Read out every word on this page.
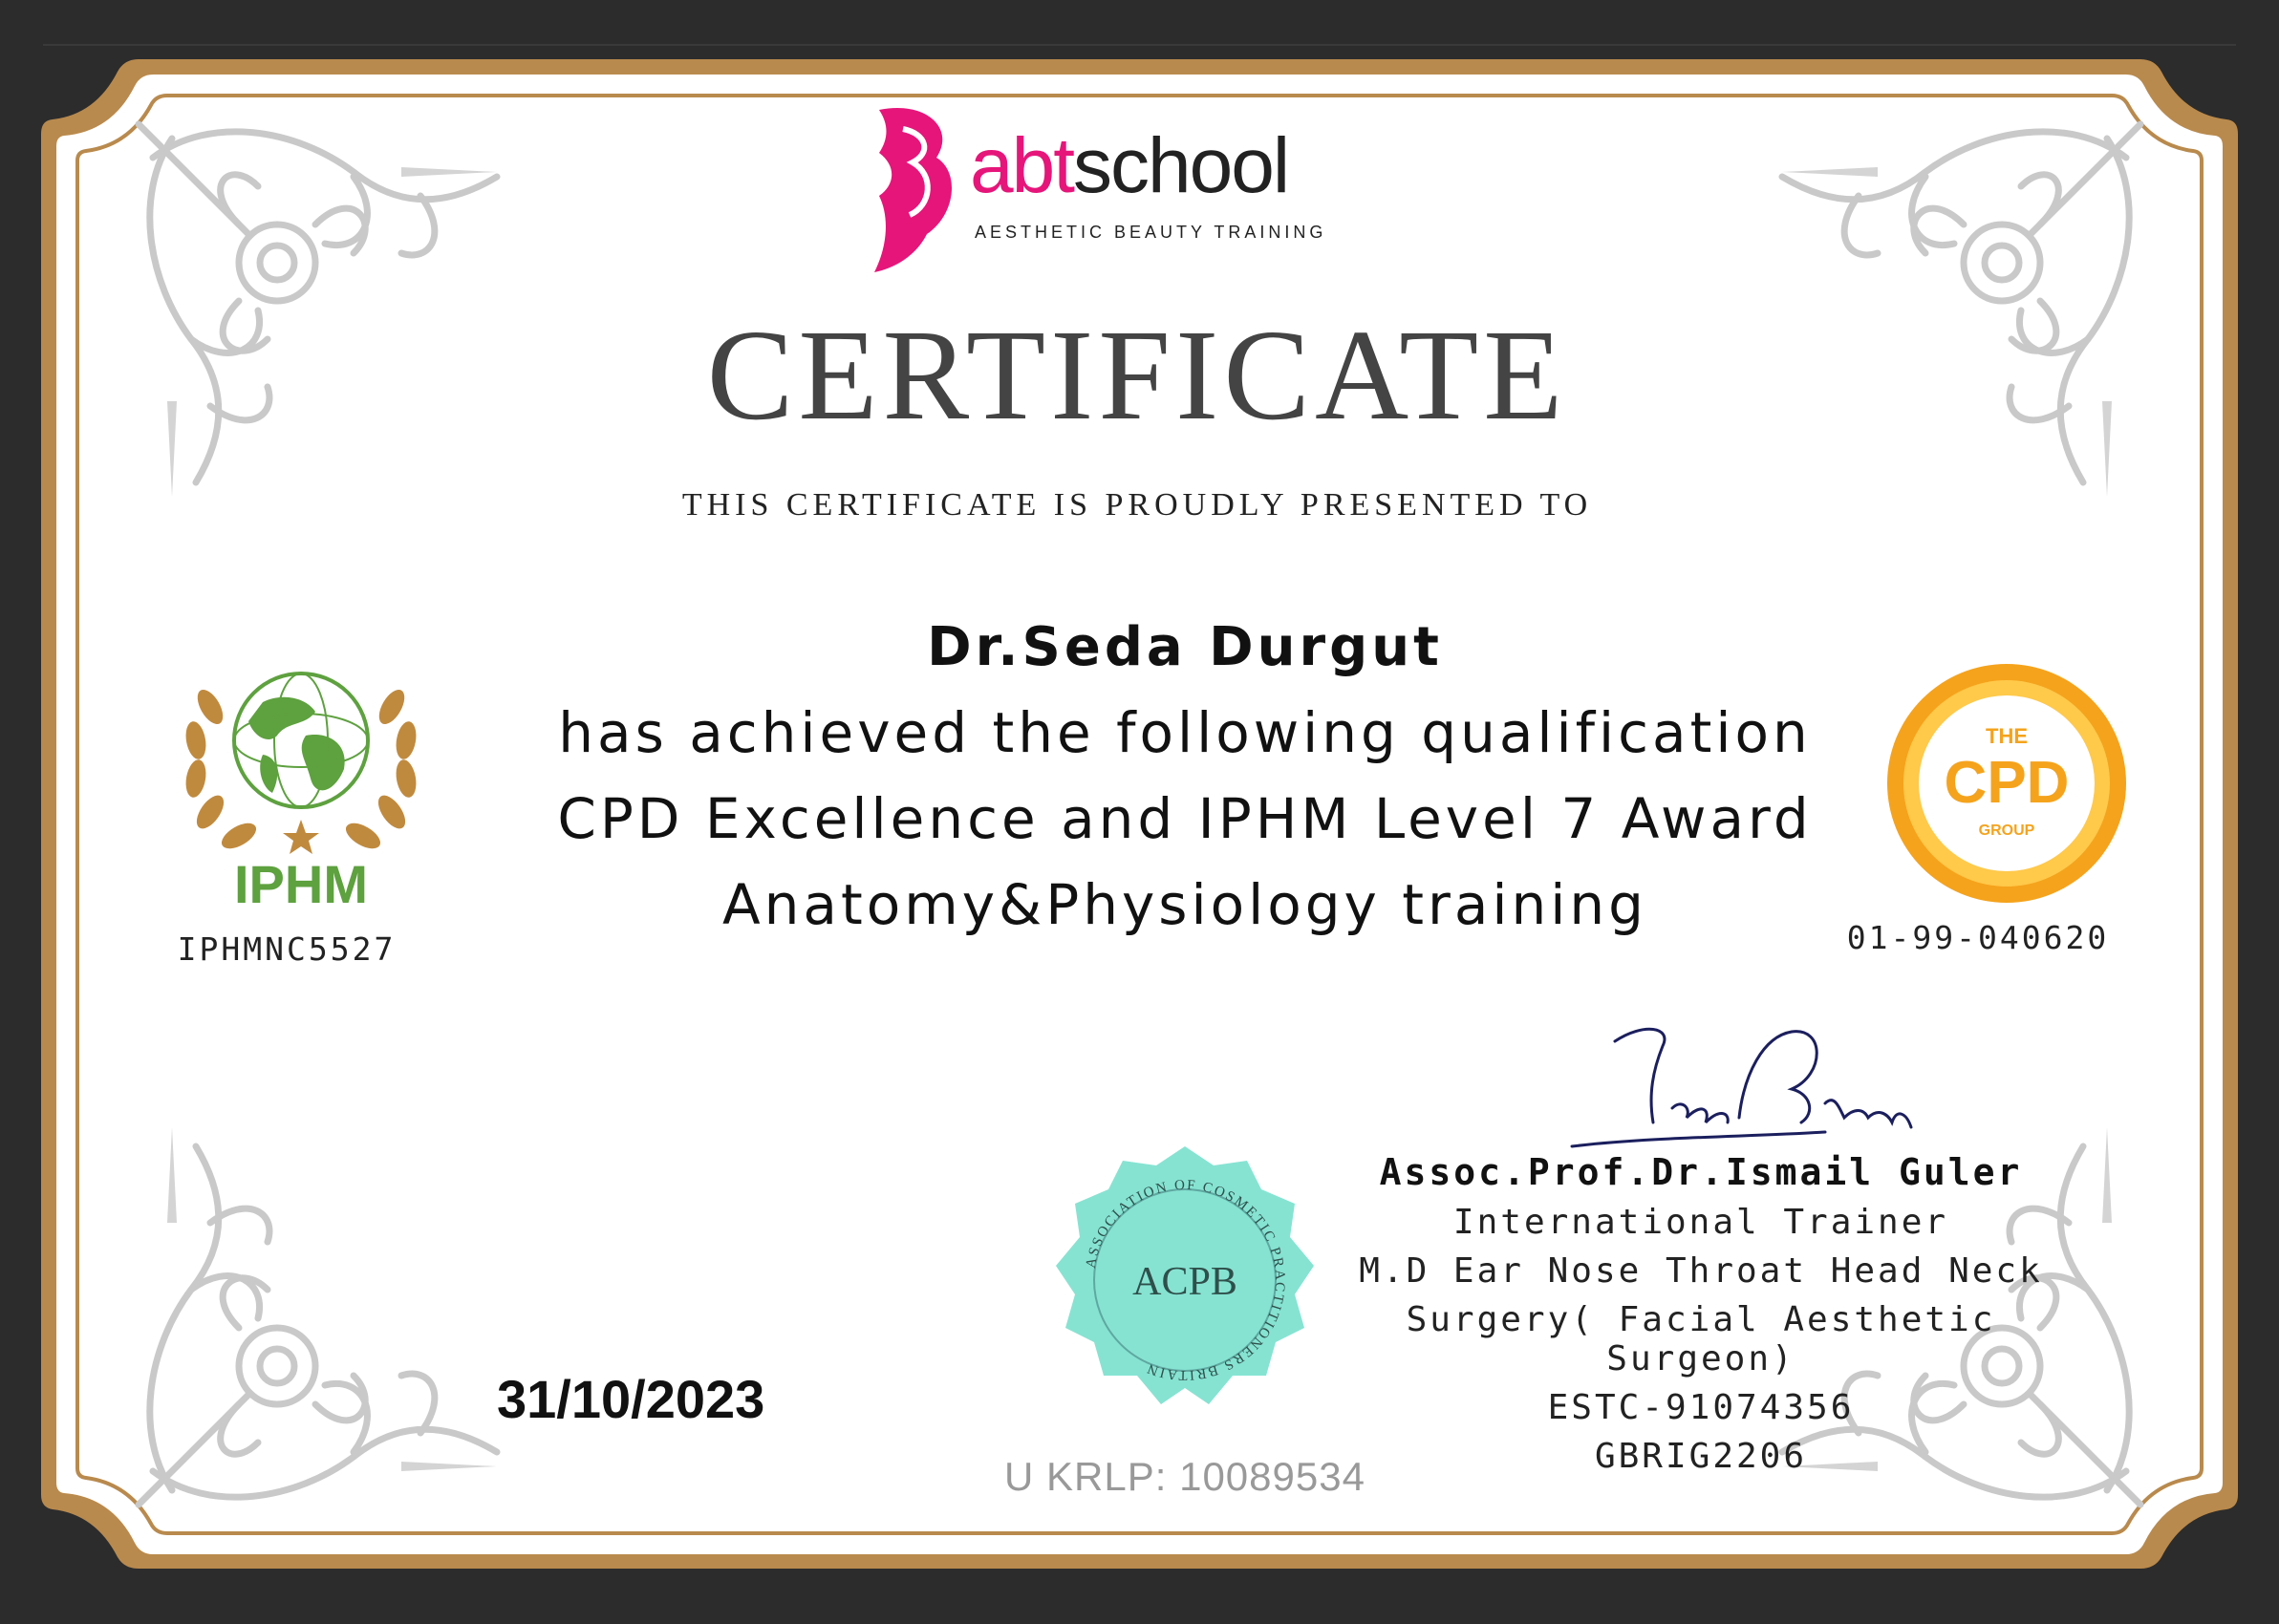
abtschool
AESTHETIC BEAUTY TRAINING
CERTIFICATE
THIS CERTIFICATE IS PROUDLY PRESENTED TO
Dr.Seda Durgut
has achieved the following qualification
CPD Excellence and IPHM Level 7 Award
Anatomy&Physiology training
IPHM
IPHMNC5527
THE
CPD
GROUP
01-99-040620
ASSOCIATION OF COSMETIC PRACTITIONERS BRITAIN
ACPB
31/10/2023
U KRLP: 10089534
Assoc.Prof.Dr.Ismail Guler
International Trainer
M.D Ear Nose Throat Head Neck
Surgery( Facial Aesthetic Surgeon)
ESTC-91074356
GBRIG2206
